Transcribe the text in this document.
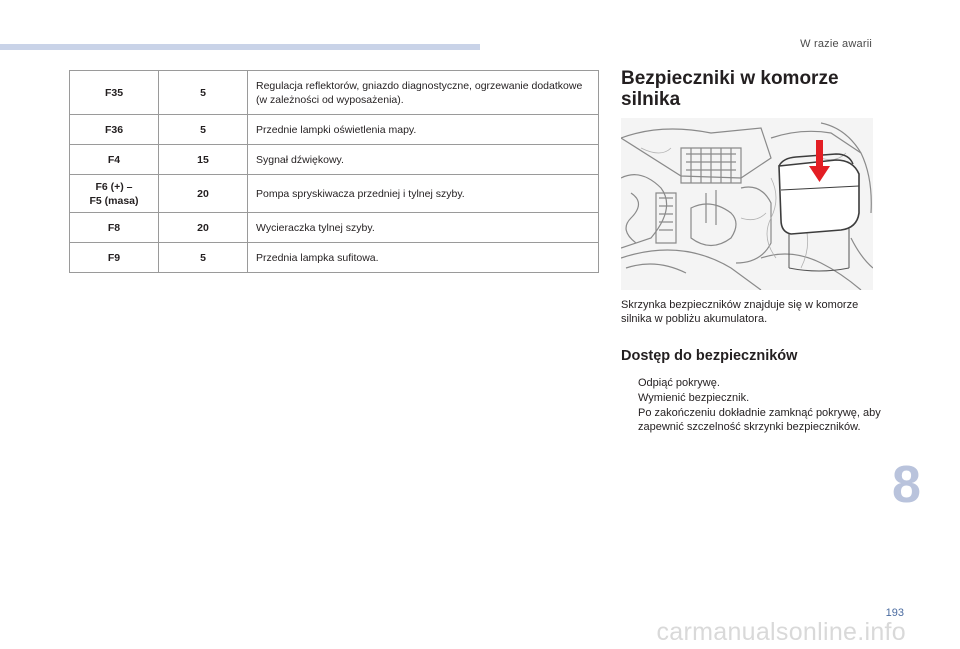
W razie awarii
F35	5	Regulacja reflektorów, gniazdo diagnostyczne, ogrzewanie dodatkowe (w zależności od wyposażenia).
F36	5	Przednie lampki oświetlenia mapy.
F4	15	Sygnał dźwiękowy.

F6 (+) –
F5 (masa)	20	Pompa spryskiwacza przedniej i tylnej szyby.
F8	20	Wycieraczka tylnej szyby.
F9	5	Przednia lampka sufitowa.
Bezpieczniki w komorze silnika
Skrzynka bezpieczników znajduje się w komorze silnika w pobliżu akumulatora.
Dostęp do bezpieczników
Odpiąć pokrywę.
Wymienić bezpiecznik.
Po zakończeniu dokładnie zamknąć pokrywę, aby zapewnić szczelność skrzynki bezpieczników.
8
193
carmanualsonline.info
